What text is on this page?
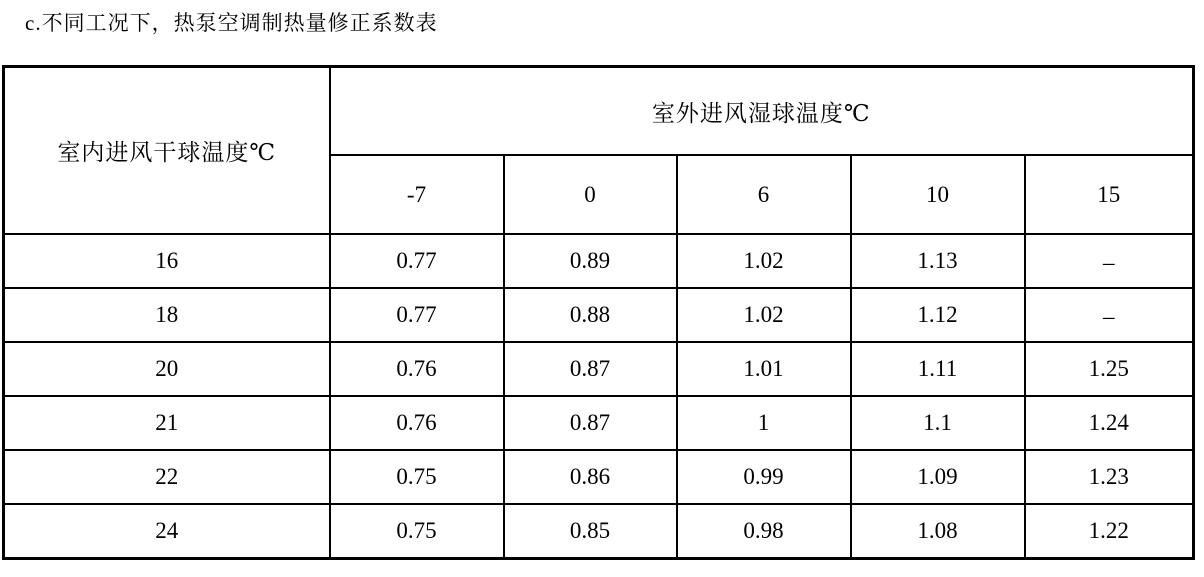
c.不同工况下，热泵空调制热量修正系数表
室内进风干球温度℃	室外进风湿球温度℃				
	-7	0	6	10	15
16	0.77	0.89	1.02	1.13	_
18	0.77	0.88	1.02	1.12	_
20	0.76	0.87	1.01	1.11	1.25
21	0.76	0.87	1	1.1	1.24
22	0.75	0.86	0.99	1.09	1.23
24	0.75	0.85	0.98	1.08	1.22
